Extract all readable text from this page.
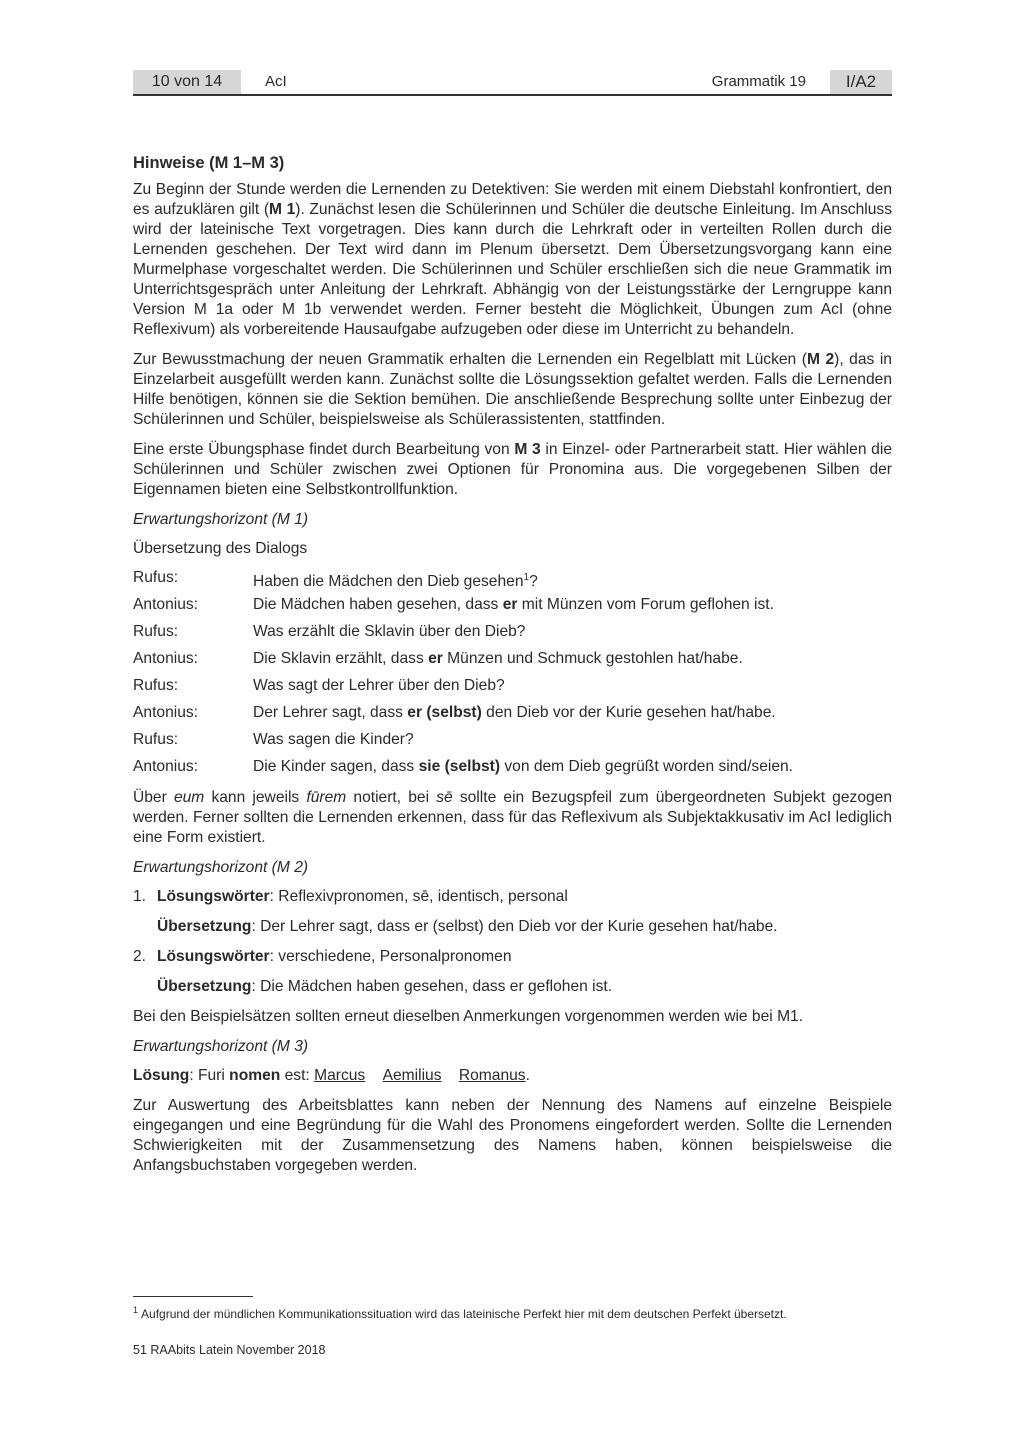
10 von 14	AcI	Grammatik 19	I/A2
Hinweise (M 1–M 3)

Zu Beginn der Stunde werden die Lernenden zu Detektiven: Sie werden mit einem Diebstahl konfrontiert, den es aufzuklären gilt (M 1). Zunächst lesen die Schülerinnen und Schüler die deutsche Einleitung. Im Anschluss wird der lateinische Text vorgetragen. Dies kann durch die Lehrkraft oder in verteilten Rollen durch die Lernenden geschehen. Der Text wird dann im Plenum übersetzt. Dem Übersetzungsvorgang kann eine Murmelphase vorgeschaltet werden. Die Schülerinnen und Schüler erschließen sich die neue Grammatik im Unterrichtsgespräch unter Anleitung der Lehrkraft. Abhängig von der Leistungsstärke der Lerngruppe kann Version M 1a oder M 1b verwendet werden. Ferner besteht die Möglichkeit, Übungen zum AcI (ohne Reflexivum) als vorbereitende Hausaufgabe aufzugeben oder diese im Unterricht zu behandeln.

Zur Bewusstmachung der neuen Grammatik erhalten die Lernenden ein Regelblatt mit Lücken (M 2), das in Einzelarbeit ausgefüllt werden kann. Zunächst sollte die Lösungssektion gefaltet werden. Falls die Lernenden Hilfe benötigen, können sie die Sektion bemühen. Die anschließende Besprechung sollte unter Einbezug der Schülerinnen und Schüler, beispielsweise als Schülerassistenten, stattfinden.

Eine erste Übungsphase findet durch Bearbeitung von M 3 in Einzel- oder Partnerarbeit statt. Hier wählen die Schülerinnen und Schüler zwischen zwei Optionen für Pronomina aus. Die vorgegebenen Silben der Eigennamen bieten eine Selbstkontrollfunktion.

Erwartungshorizont (M 1)
Übersetzung des Dialogs
Rufus:	Haben die Mädchen den Dieb gesehen$^1$?
Antonius:	Die Mädchen haben gesehen, dass er mit Münzen vom Forum geflohen ist.
Rufus:	Was erzählt die Sklavin über den Dieb?
Antonius:	Die Sklavin erzählt, dass er Münzen und Schmuck gestohlen hat/habe.
Rufus:	Was sagt der Lehrer über den Dieb?
Antonius:	Der Lehrer sagt, dass er (selbst) den Dieb vor der Kurie gesehen hat/habe.
Rufus:	Was sagen die Kinder?
Antonius:	Die Kinder sagen, dass sie (selbst) von dem Dieb gegrüßt worden sind/seien.

Über eum kann jeweils fūrem notiert, bei sē sollte ein Bezugspfeil zum übergeordneten Subjekt gezogen werden. Ferner sollten die Lernenden erkennen, dass für das Reflexivum als Subjektakkusativ im AcI lediglich eine Form existiert.

Erwartungshorizont (M 2)
1. Lösungswörter: Reflexivpronomen, sē, identisch, personal
Übersetzung: Der Lehrer sagt, dass er (selbst) den Dieb vor der Kurie gesehen hat/habe.
2. Lösungswörter: verschiedene, Personalpronomen
Übersetzung: Die Mädchen haben gesehen, dass er geflohen ist.

Bei den Beispielsätzen sollten erneut dieselben Anmerkungen vorgenommen werden wie bei M1.

Erwartungshorizont (M 3)

Lösung: Furi nomen est: Marcus Aemilius Romanus.

Zur Auswertung des Arbeitsblattes kann neben der Nennung des Namens auf einzelne Beispiele eingegangen und eine Begründung für die Wahl des Pronomens eingefordert werden. Sollte die Lernenden Schwierigkeiten mit der Zusammensetzung des Namens haben, können beispielsweise die Anfangsbuchstaben vorgegeben werden.

$^1$ Aufgrund der mündlichen Kommunikationssituation wird das lateinische Perfekt hier mit dem deutschen Perfekt übersetzt.
51 RAAbits Latein November 2018
